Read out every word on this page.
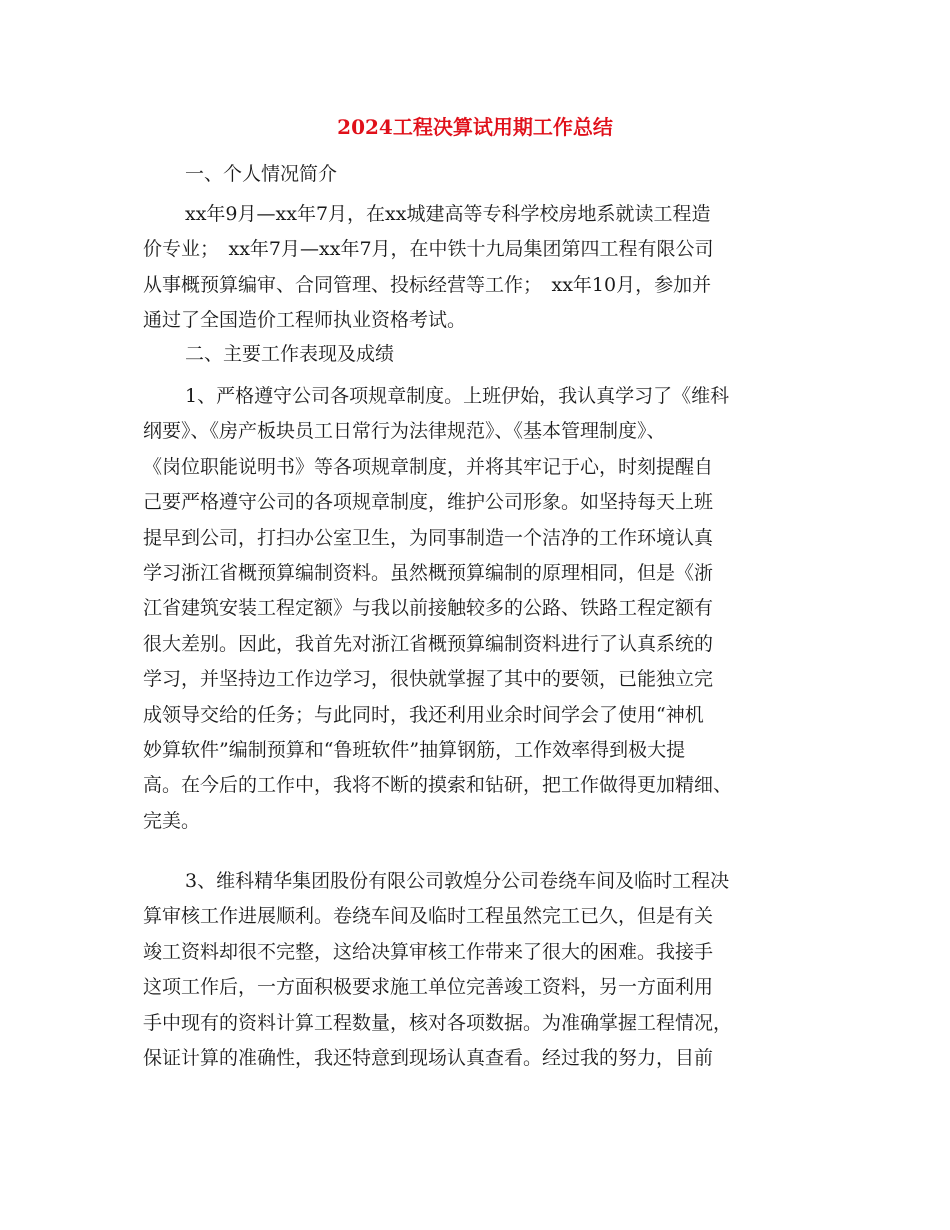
2024工程决算试用期工作总结
一、个人情况简介
xx年9月—xx年7月，在xx城建高等专科学校房地系就读工程造
价专业；　xx年7月—xx年7月，在中铁十九局集团第四工程有限公司
从事概预算编审、合同管理、投标经营等工作；　xx年10月，参加并
通过了全国造价工程师执业资格考试。
二、主要工作表现及成绩
1、严格遵守公司各项规章制度。上班伊始，我认真学习了《维科
纲要》、《房产板块员工日常行为法律规范》、《基本管理制度》、
《岗位职能说明书》等各项规章制度，并将其牢记于心，时刻提醒自
己要严格遵守公司的各项规章制度，维护公司形象。如坚持每天上班
提早到公司，打扫办公室卫生，为同事制造一个洁净的工作环境认真
学习浙江省概预算编制资料。虽然概预算编制的原理相同，但是《浙
江省建筑安装工程定额》与我以前接触较多的公路、铁路工程定额有
很大差别。因此，我首先对浙江省概预算编制资料进行了认真系统的
学习，并坚持边工作边学习，很快就掌握了其中的要领，已能独立完
成领导交给的任务；与此同时，我还利用业余时间学会了使用“神机
妙算软件”编制预算和“鲁班软件”抽算钢筋，工作效率得到极大提
高。在今后的工作中，我将不断的摸索和钻研，把工作做得更加精细、
完美。
3、维科精华集团股份有限公司敦煌分公司卷绕车间及临时工程决
算审核工作进展顺利。卷绕车间及临时工程虽然完工已久，但是有关
竣工资料却很不完整，这给决算审核工作带来了很大的困难。我接手
这项工作后，一方面积极要求施工单位完善竣工资料，另一方面利用
手中现有的资料计算工程数量，核对各项数据。为准确掌握工程情况，
保证计算的准确性，我还特意到现场认真查看。经过我的努力，目前
